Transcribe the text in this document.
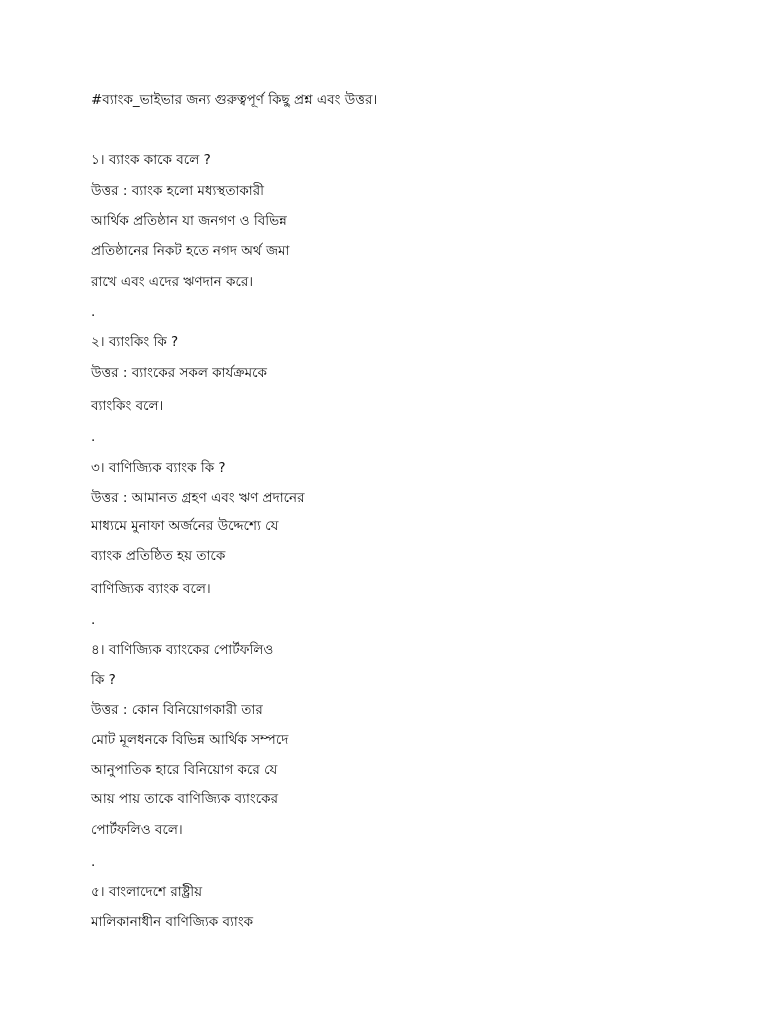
#ব্যাংক_ভাইভার জন্য গুরুত্বপূর্ণ কিছু প্রশ্ন এবং উত্তর।
১। ব্যাংক কাকে বলে ?
উত্তর : ব্যাংক হলো মধ্যস্থতাকারী
আর্থিক প্রতিষ্ঠান যা জনগণ ও বিভিন্ন
প্রতিষ্ঠানের নিকট হতে নগদ অর্থ জমা
রাখে এবং এদের ঋণদান করে।
.
২। ব্যাংকিং কি ?
উত্তর : ব্যাংকের সকল কার্যক্রমকে
ব্যাংকিং বলে।
.
৩। বাণিজ্যিক ব্যাংক কি ?
উত্তর : আমানত গ্রহণ এবং ঋণ প্রদানের
মাধ্যমে মুনাফা অর্জনের উদ্দেশ্যে যে
ব্যাংক প্রতিষ্ঠিত হয় তাকে
বাণিজ্যিক ব্যাংক বলে।
.
৪। বাণিজ্যিক ব্যাংকের পোর্টফলিও
কি ?
উত্তর : কোন বিনিয়োগকারী তার
মোট মূলধনকে বিভিন্ন আর্থিক সম্পদে
আনুপাতিক হারে বিনিয়োগ করে যে
আয় পায় তাকে বাণিজ্যিক ব্যাংকের
পোর্টফলিও বলে।
.
৫। বাংলাদেশে রাষ্ট্রীয়
মালিকানাধীন বাণিজ্যিক ব্যাংক
